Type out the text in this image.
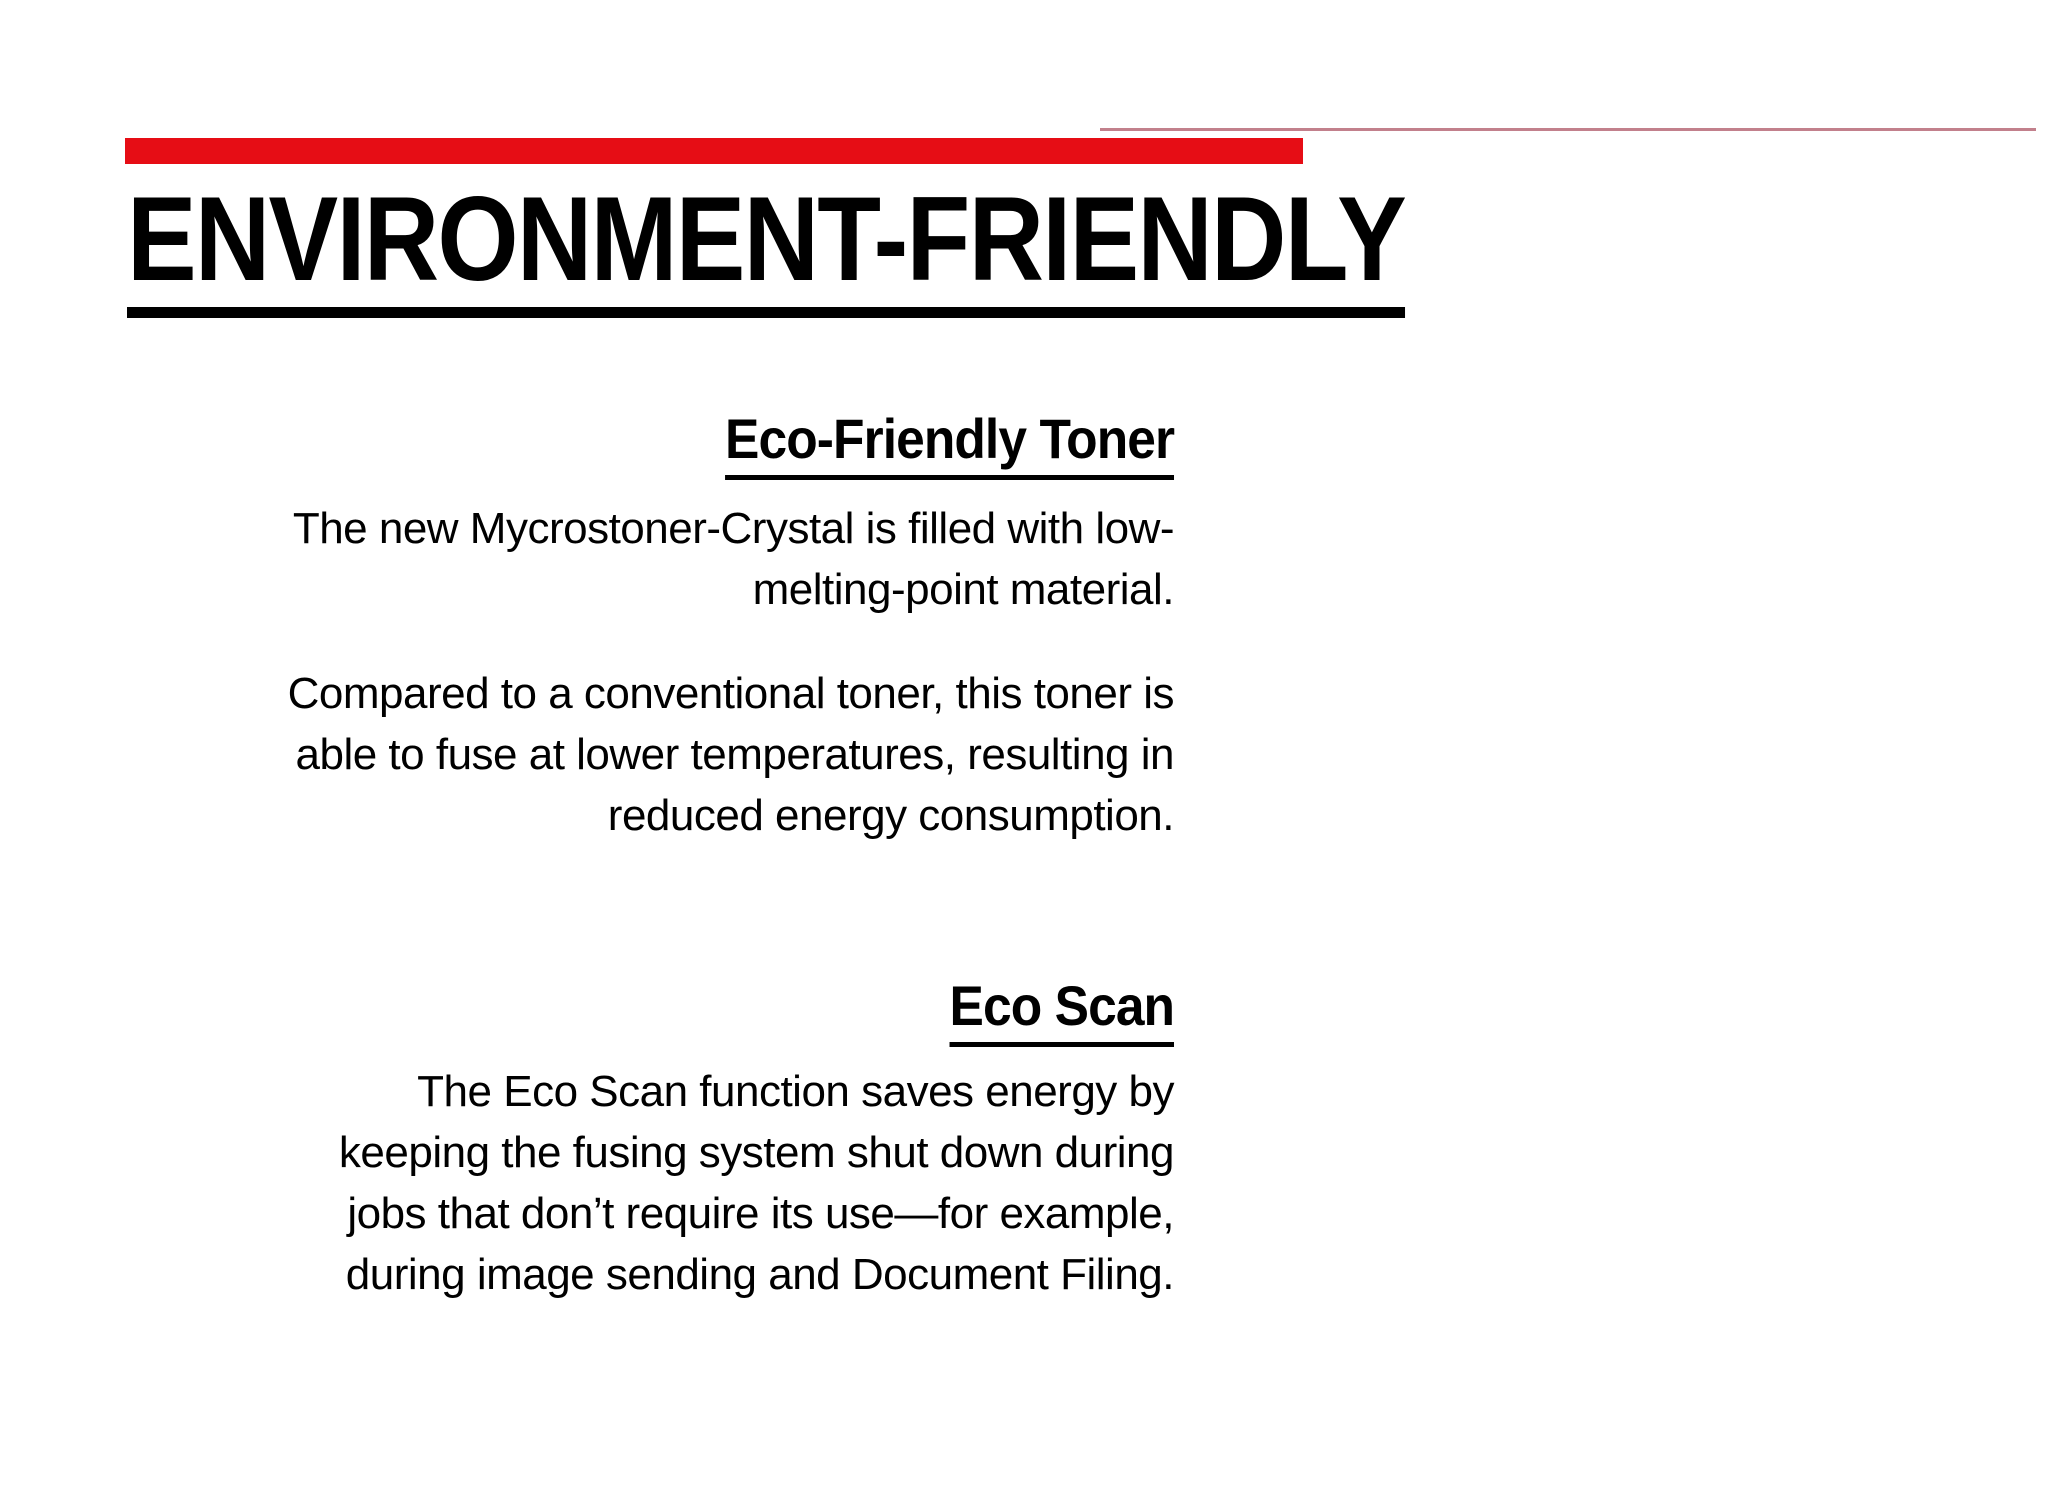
ENVIRONMENT-FRIENDLY
Eco-Friendly Toner
The new Mycrostoner-Crystal is filled with low-
melting-point material.
Compared to a conventional toner, this toner is
able to fuse at lower temperatures, resulting in
reduced energy consumption.
Eco Scan
The Eco Scan function saves energy by
keeping the fusing system shut down during
jobs that don’t require its use—for example,
during image sending and Document Filing.
